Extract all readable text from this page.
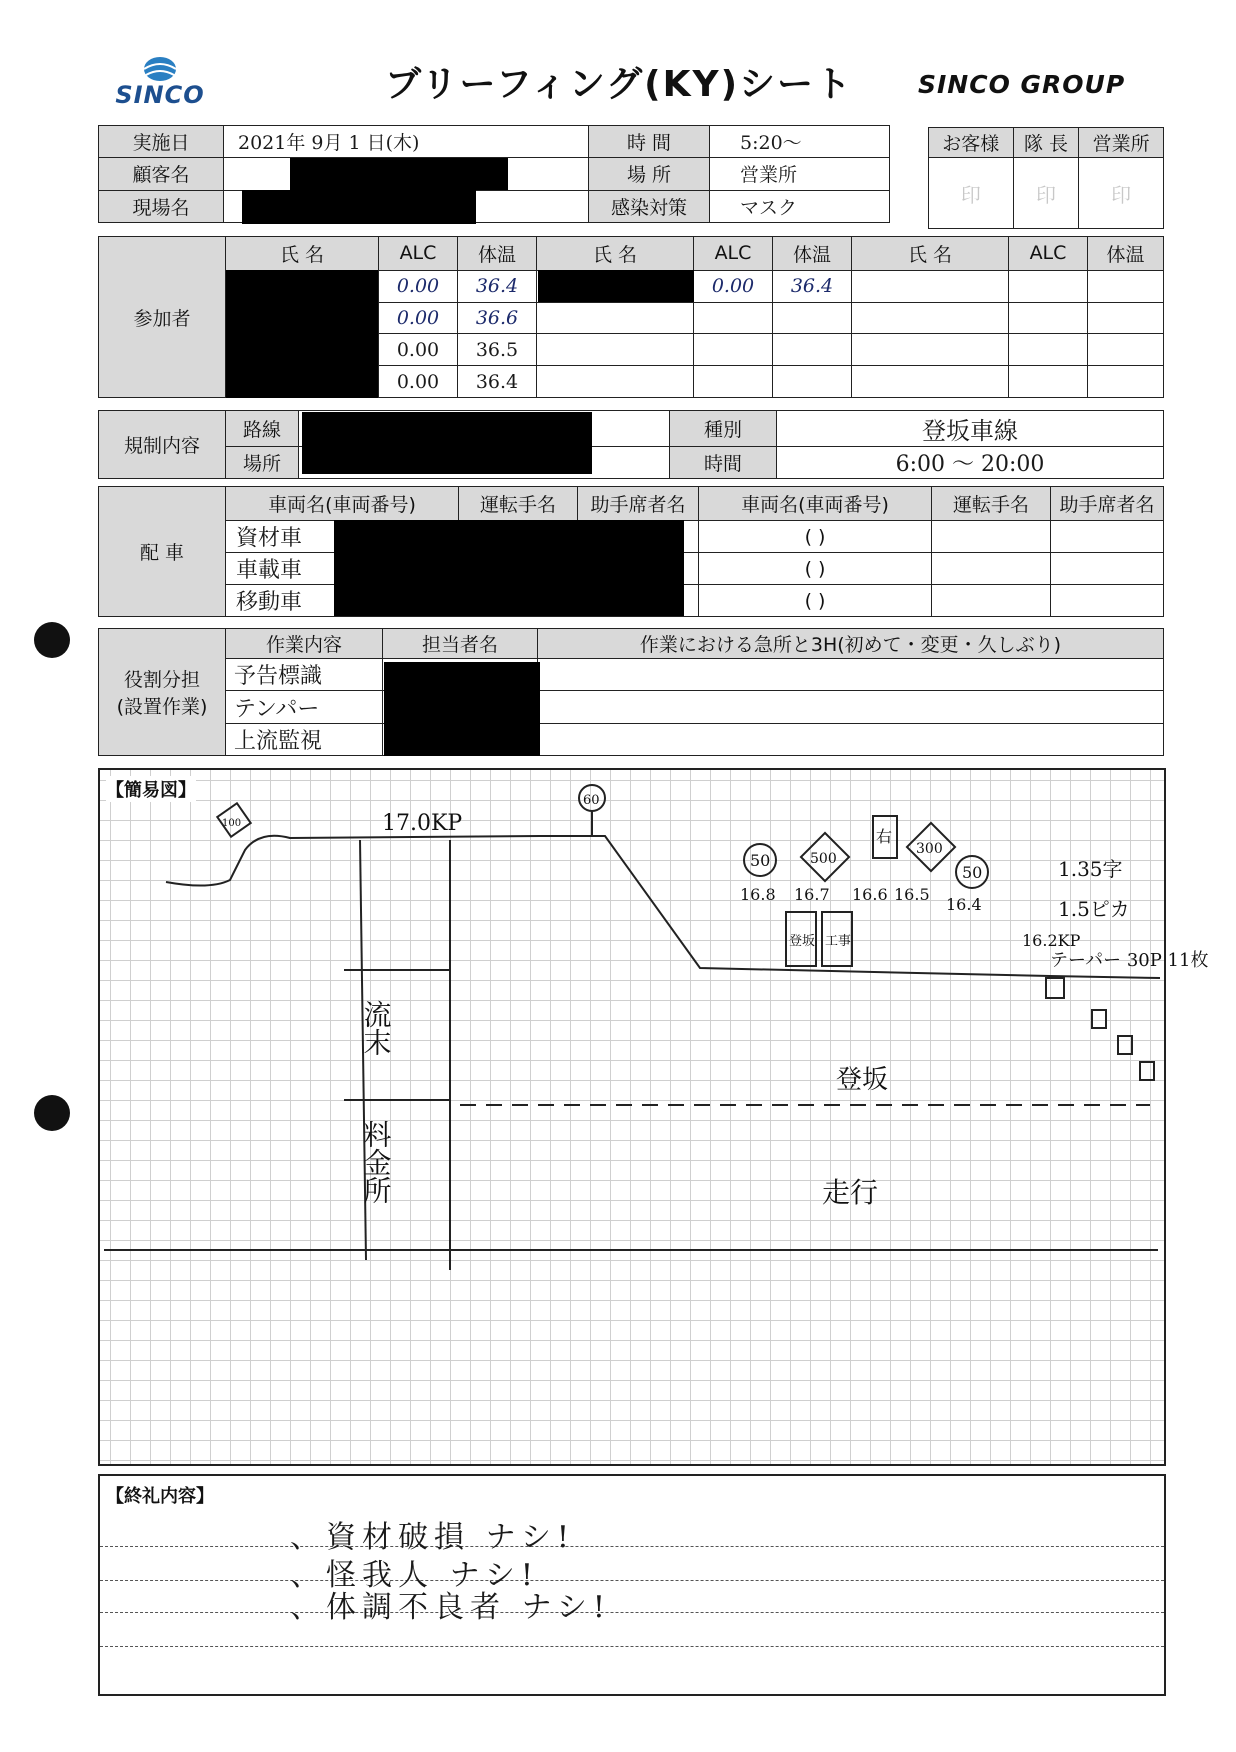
SINCO	ブリーフィング(KY)シート	SINCO GROUP
実施日	2021年 9月 1 日(木)	時 間	5:20〜
顧客名		場 所	営業所
現場名		感染対策	マスク
お客様	隊 長	営業所
印	印	印
参加者	氏 名	ALC	体温	氏 名	ALC	体温	氏 名	ALC	体温
		0.00	36.4		0.00	36.4			
		0.00	36.6						
		0.00	36.5						
		0.00	36.4						
規制内容	路線		種別	登坂車線
	場所		時間	6:00 〜 20:00
配 車	車両名(車両番号)	運転手名	助手席者名	車両名(車両番号)	運転手名	助手席者名
	資材車			( )		
	車載車			( )		
	移動車			( )		
役割分担
(設置作業)	作業内容	担当者名	作業における急所と3H(初めて・変更・久しぶり)
	予告標識		
	テンパー		
	上流監視		
【簡易図】
17.0KP
60
100
50	500
右
300
50
16.8 16.7 16.6 16.5
16.4
登坂 工事
1.35字
1.5ピカ
16.2KP
テーパー 30P 11枚
登坂
走行
流末
料金所
【終礼内容】
、資材破損 ナシ!
、怪我人 ナシ!
、体調不良者 ナシ!
